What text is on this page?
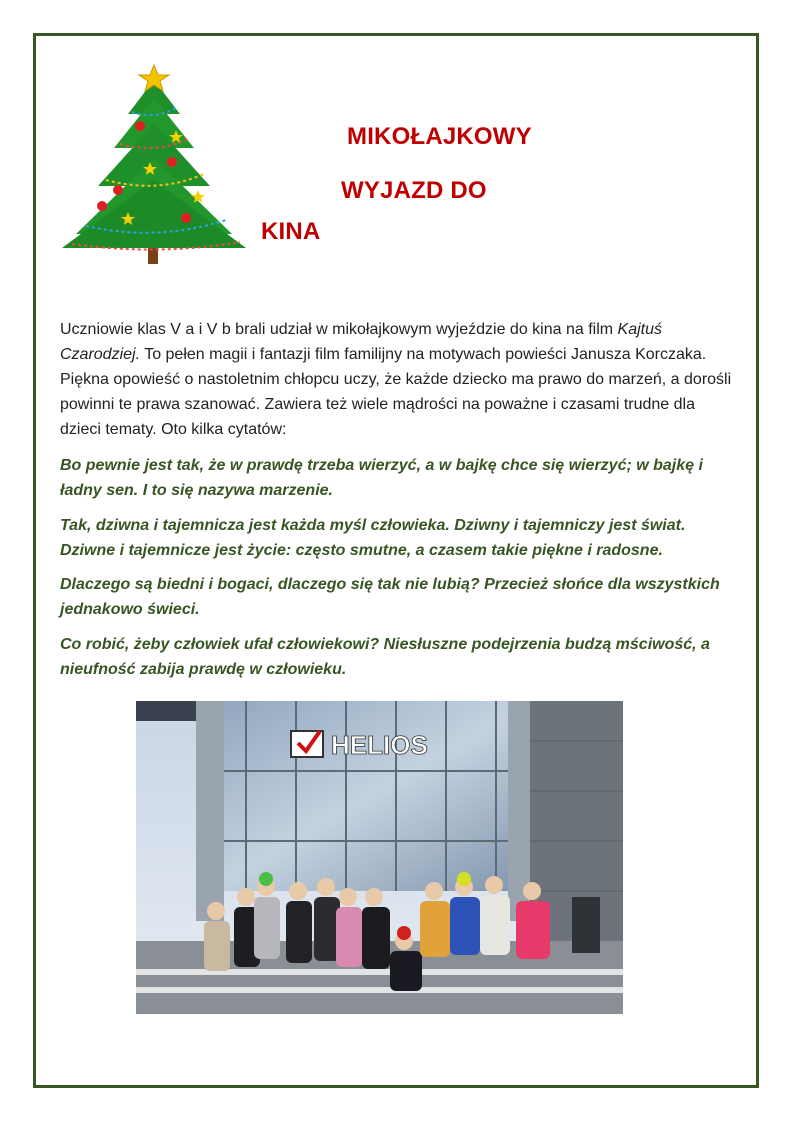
MIKOŁAJKOWY
WYJAZD DO
KINA
Uczniowie klas V a i V b brali udział w mikołajkowym wyjeździe do kina na film Kajtuś Czarodziej. To pełen magii i fantazji film familijny na motywach powieści Janusza Korczaka. Piękna opowieść o nastoletnim chłopcu uczy, że każde dziecko ma prawo do marzeń, a dorośli powinni te prawa szanować. Zawiera też wiele mądrości na poważne i czasami trudne dla dzieci tematy. Oto kilka cytatów:
Bo pewnie jest tak, że w prawdę trzeba wierzyć, a w bajkę chce się wierzyć; w bajkę i ładny sen. I to się nazywa marzenie.
Tak, dziwna i tajemnicza jest każda myśl człowieka. Dziwny i tajemniczy jest świat. Dziwne i tajemnicze jest życie: często smutne, a czasem takie piękne i radosne.
Dlaczego są biedni i bogaci, dlaczego się tak nie lubią? Przecież słońce dla wszystkich jednakowo świeci.
Co robić, żeby człowiek ufał człowiekowi? Niesłuszne podejrzenia budzą mściwość, a nieufność zabija prawdę w człowieku.
HELIOS
